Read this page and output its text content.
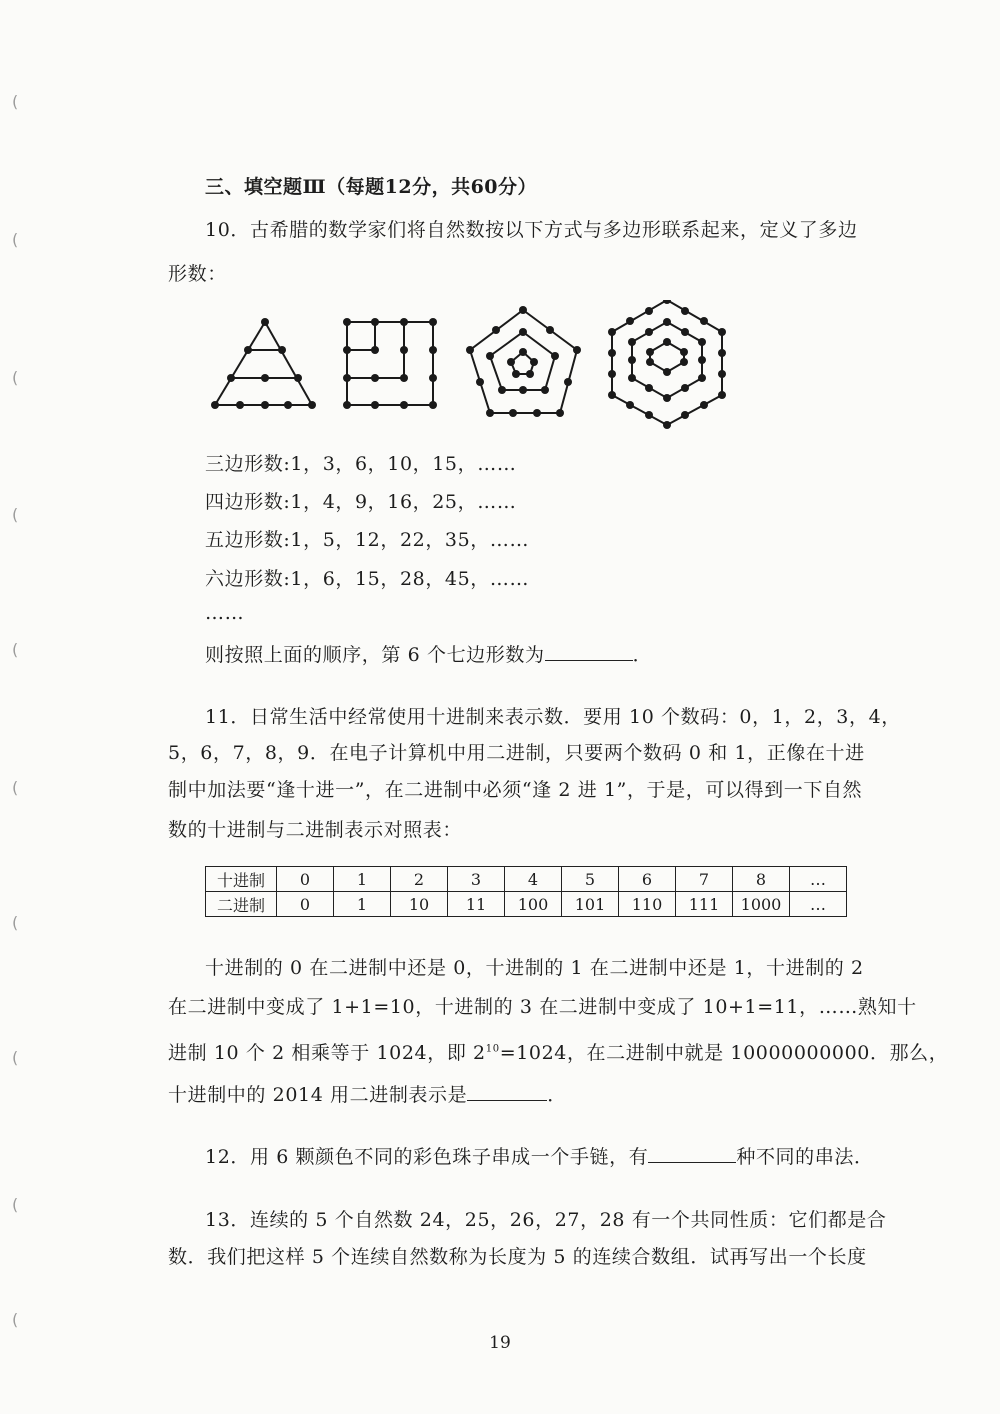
(
(
(
(
(
(
(
(
(
(
三、填空题Ⅲ（每题12分，共60分）
10．古希腊的数学家们将自然数按以下方式与多边形联系起来，定义了多边
形数：
三边形数:1，3，6，10，15，……
四边形数:1，4，9，16，25，……
五边形数:1，5，12，22，35，……
六边形数:1，6，15，28，45，……
……
则按照上面的顺序，第 6 个七边形数为	．
11．日常生活中经常使用十进制来表示数．要用 10 个数码：0，1，2，3，4，
5，6，7，8，9．在电子计算机中用二进制，只要两个数码 0 和 1，正像在十进
制中加法要“逢十进一”，在二进制中必须“逢 2 进 1”，于是，可以得到一下自然
数的十进制与二进制表示对照表：
十进制	0	1	2	3	4	5	6	7	8	…
二进制	0	1	10	11	100	101	110	111	1000	…
十进制的 0 在二进制中还是 0，十进制的 1 在二进制中还是 1，十进制的 2
在二进制中变成了 1+1=10，十进制的 3 在二进制中变成了 10+1=11，……熟知十
进制 10 个 2 相乘等于 1024，即 $2^{10}=1024$，在二进制中就是 10000000000．那么，
十进制中的 2014 用二进制表示是	．
12．用 6 颗颜色不同的彩色珠子串成一个手链，有	种不同的串法．
13．连续的 5 个自然数 24，25，26，27，28 有一个共同性质：它们都是合
数．我们把这样 5 个连续自然数称为长度为 5 的连续合数组．试再写出一个长度
19
